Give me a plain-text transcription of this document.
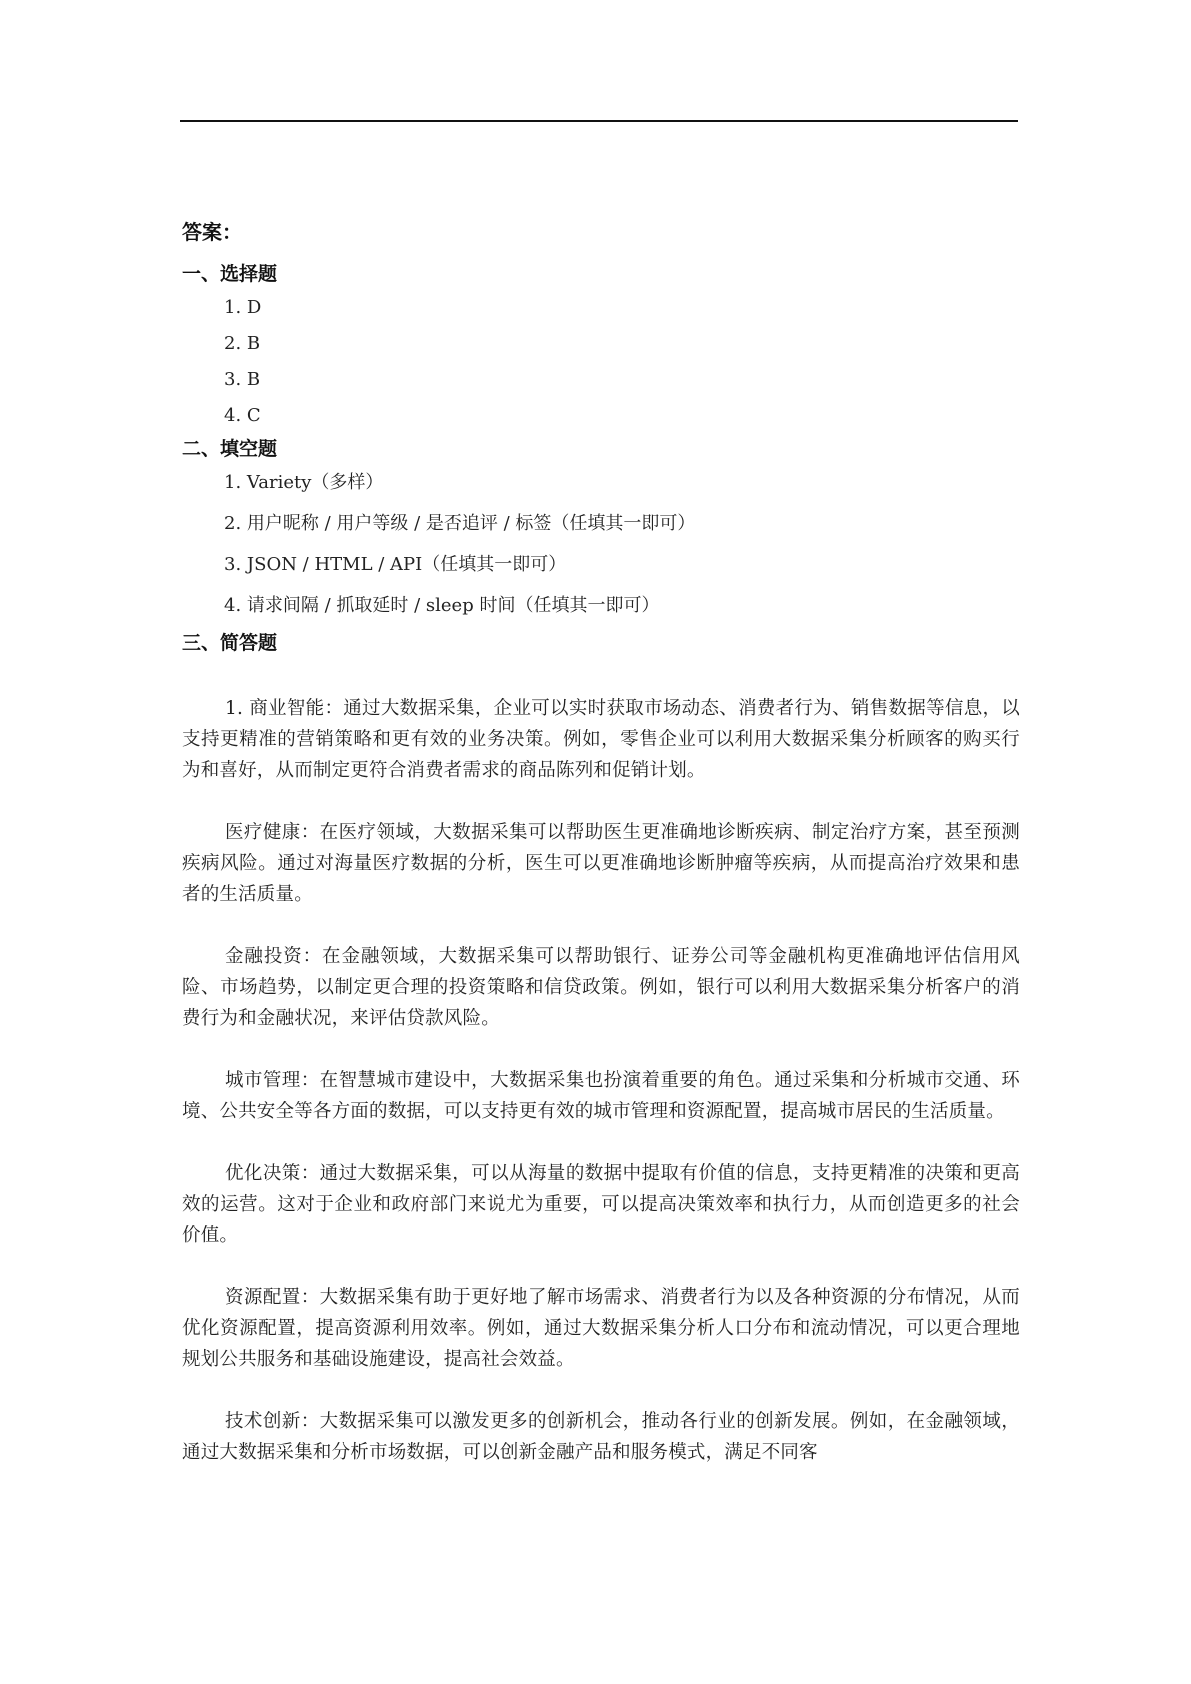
答案：
一、选择题
1. D
2. B
3. B
4. C
二、填空题
1. Variety（多样）
2. 用户昵称 / 用户等级 / 是否追评 / 标签（任填其一即可）
3. JSON / HTML / API（任填其一即可）
4. 请求间隔 / 抓取延时 / sleep 时间（任填其一即可）
三、简答题

1. 商业智能：通过大数据采集，企业可以实时获取市场动态、消费者行为、销售数据等信息，以支持更精准的营销策略和更有效的业务决策。例如，零售企业可以利用大数据采集分析顾客的购买行为和喜好，从而制定更符合消费者需求的商品陈列和促销计划。

医疗健康：在医疗领域，大数据采集可以帮助医生更准确地诊断疾病、制定治疗方案，甚至预测疾病风险。通过对海量医疗数据的分析，医生可以更准确地诊断肿瘤等疾病，从而提高治疗效果和患者的生活质量。

金融投资：在金融领域，大数据采集可以帮助银行、证券公司等金融机构更准确地评估信用风险、市场趋势，以制定更合理的投资策略和信贷政策。例如，银行可以利用大数据采集分析客户的消费行为和金融状况，来评估贷款风险。

城市管理：在智慧城市建设中，大数据采集也扮演着重要的角色。通过采集和分析城市交通、环境、公共安全等各方面的数据，可以支持更有效的城市管理和资源配置，提高城市居民的生活质量。

优化决策：通过大数据采集，可以从海量的数据中提取有价值的信息，支持更精准的决策和更高效的运营。这对于企业和政府部门来说尤为重要，可以提高决策效率和执行力，从而创造更多的社会价值。

资源配置：大数据采集有助于更好地了解市场需求、消费者行为以及各种资源的分布情况，从而优化资源配置，提高资源利用效率。例如，通过大数据采集分析人口分布和流动情况，可以更合理地规划公共服务和基础设施建设，提高社会效益。

技术创新：大数据采集可以激发更多的创新机会，推动各行业的创新发展。例如，在金融领域，通过大数据采集和分析市场数据，可以创新金融产品和服务模式，满足不同客
